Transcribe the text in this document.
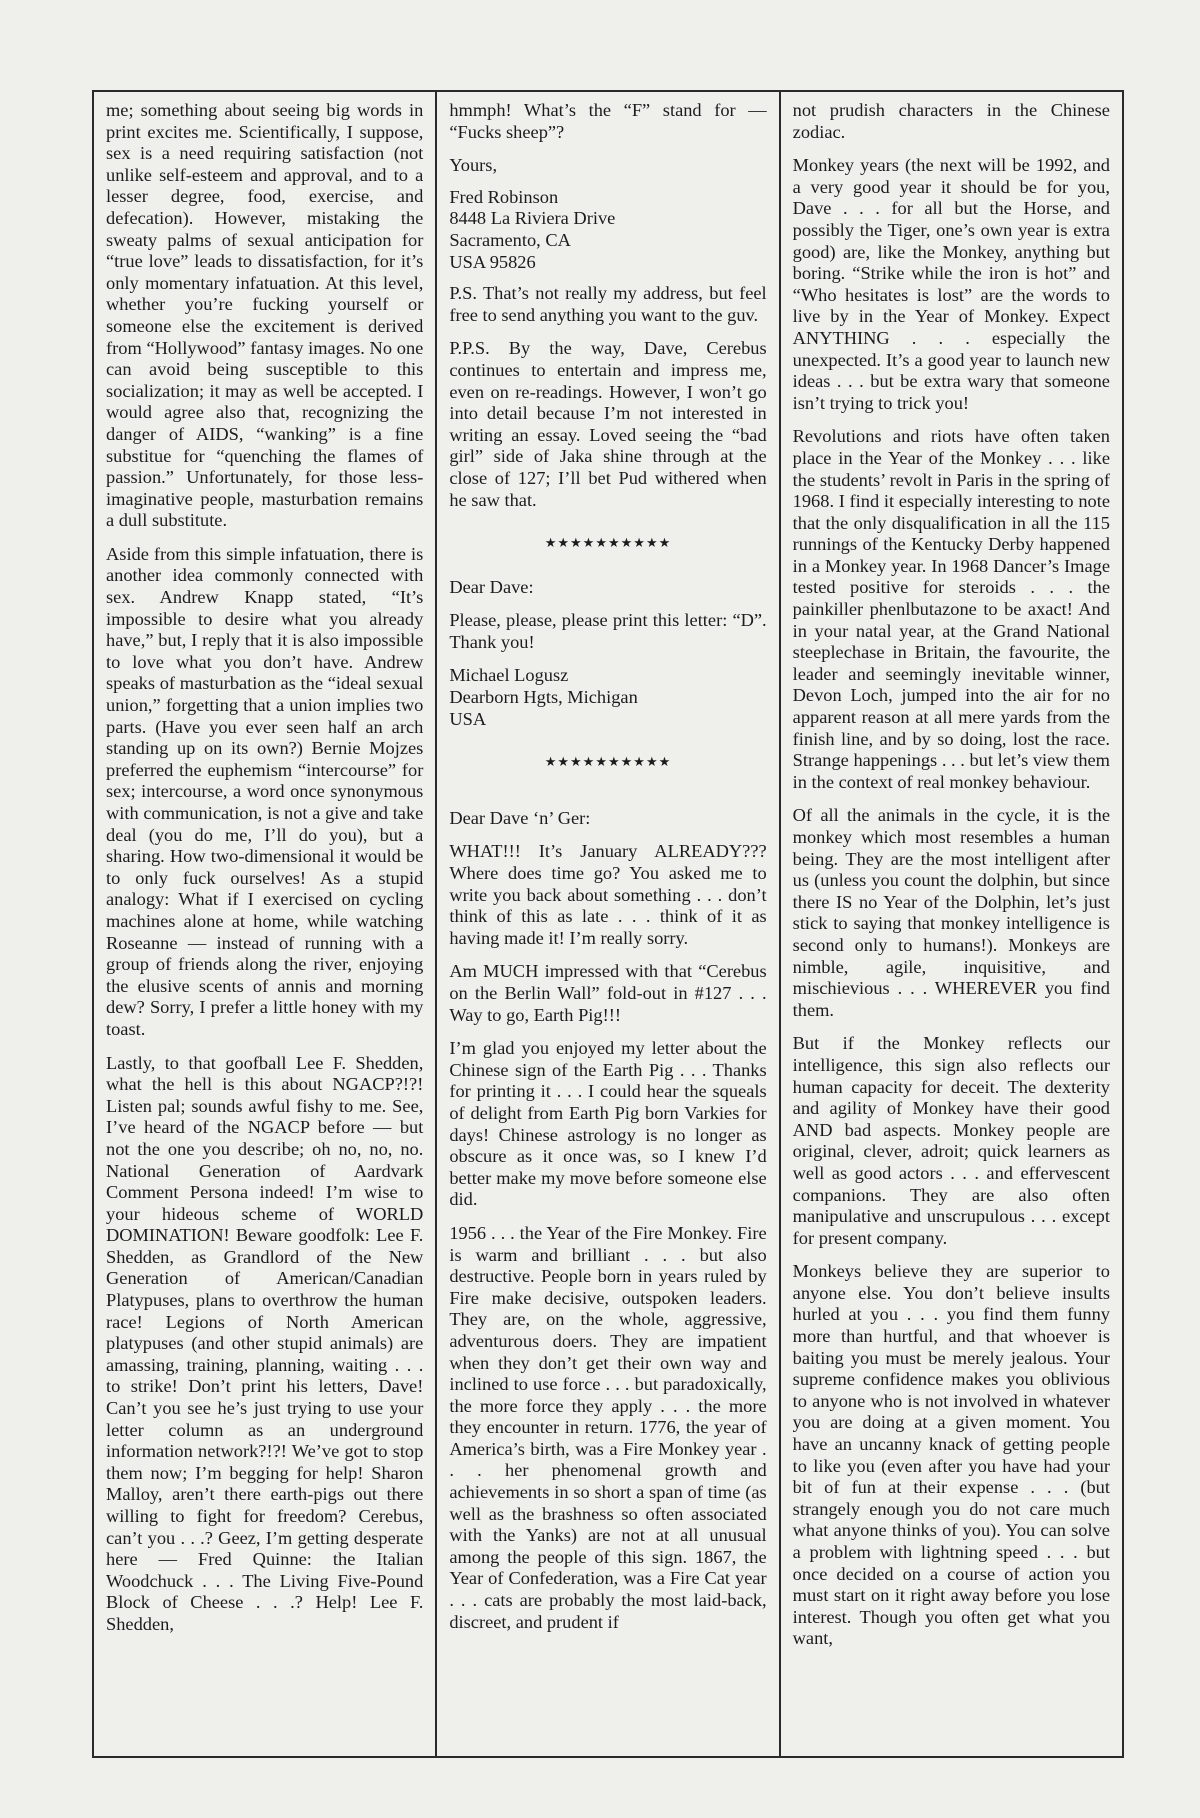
me; something about seeing big words in print excites me. Scientifically, I suppose, sex is a need requiring satisfaction (not unlike self-esteem and approval, and to a lesser degree, food, exercise, and defecation). However, mistaking the sweaty palms of sexual anticipation for “true love” leads to dissatisfaction, for it’s only momentary infatuation. At this level, whether you’re fucking yourself or someone else the excitement is derived from “Hollywood” fantasy images. No one can avoid being susceptible to this socialization; it may as well be accepted. I would agree also that, recognizing the danger of AIDS, “wanking” is a fine substitue for “quenching the flames of passion.” Unfortunately, for those less-imaginative people, masturbation remains a dull substitute.

Aside from this simple infatuation, there is another idea commonly connected with sex. Andrew Knapp stated, “It’s impossible to desire what you already have,” but, I reply that it is also impossible to love what you don’t have. Andrew speaks of masturbation as the “ideal sexual union,” forgetting that a union implies two parts. (Have you ever seen half an arch standing up on its own?) Bernie Mojzes preferred the euphemism “intercourse” for sex; intercourse, a word once synonymous with communication, is not a give and take deal (you do me, I’ll do you), but a sharing. How two-dimensional it would be to only fuck ourselves! As a stupid analogy: What if I exercised on cycling machines alone at home, while watching Roseanne — instead of running with a group of friends along the river, enjoying the elusive scents of annis and morning dew? Sorry, I prefer a little honey with my toast.

Lastly, to that goofball Lee F. Shedden, what the hell is this about NGACP?!?! Listen pal; sounds awful fishy to me. See, I’ve heard of the NGACP before — but not the one you describe; oh no, no, no. National Generation of Aardvark Comment Persona indeed! I’m wise to your hideous scheme of WORLD DOMINATION! Beware goodfolk: Lee F. Shedden, as Grandlord of the New Generation of American/Canadian Platypuses, plans to overthrow the human race! Legions of North American platypuses (and other stupid animals) are amassing, training, planning, waiting . . . to strike! Don’t print his letters, Dave! Can’t you see he’s just trying to use your letter column as an underground information network?!?! We’ve got to stop them now; I’m begging for help! Sharon Malloy, aren’t there earth-pigs out there willing to fight for freedom? Cerebus, can’t you . . .? Geez, I’m getting desperate here — Fred Quinne: the Italian Woodchuck . . . The Living Five-Pound Block of Cheese . . .? Help! Lee F. Shedden,

hmmph! What’s the “F” stand for — “Fucks sheep”?

Yours,

Fred Robinson
8448 La Riviera Drive
Sacramento, CA
USA 95826

P.S. That’s not really my address, but feel free to send anything you want to the guv.

P.P.S. By the way, Dave, Cerebus continues to entertain and impress me, even on re-readings. However, I won’t go into detail because I’m not interested in writing an essay. Loved seeing the “bad girl” side of Jaka shine through at the close of 127; I’ll bet Pud withered when he saw that.

★★★★★★★★★★

Dear Dave:

Please, please, please print this letter: “D”. Thank you!

Michael Logusz
Dearborn Hgts, Michigan
USA

★★★★★★★★★★

Dear Dave ‘n’ Ger:

WHAT!!! It’s January ALREADY??? Where does time go? You asked me to write you back about something . . . don’t think of this as late . . . think of it as having made it! I’m really sorry.

Am MUCH impressed with that “Cerebus on the Berlin Wall” fold-out in #127 . . . Way to go, Earth Pig!!!

I’m glad you enjoyed my letter about the Chinese sign of the Earth Pig . . . Thanks for printing it . . . I could hear the squeals of delight from Earth Pig born Varkies for days! Chinese astrology is no longer as obscure as it once was, so I knew I’d better make my move before someone else did.

1956 . . . the Year of the Fire Monkey. Fire is warm and brilliant . . . but also destructive. People born in years ruled by Fire make decisive, outspoken leaders. They are, on the whole, aggressive, adventurous doers. They are impatient when they don’t get their own way and inclined to use force . . . but paradoxically, the more force they apply . . . the more they encounter in return. 1776, the year of America’s birth, was a Fire Monkey year . . . her phenomenal growth and achievements in so short a span of time (as well as the brashness so often associated with the Yanks) are not at all unusual among the people of this sign. 1867, the Year of Confederation, was a Fire Cat year . . . cats are probably the most laid-back, discreet, and prudent if

not prudish characters in the Chinese zodiac.

Monkey years (the next will be 1992, and a very good year it should be for you, Dave . . . for all but the Horse, and possibly the Tiger, one’s own year is extra good) are, like the Monkey, anything but boring. “Strike while the iron is hot” and “Who hesitates is lost” are the words to live by in the Year of Monkey. Expect ANYTHING . . . especially the unexpected. It’s a good year to launch new ideas . . . but be extra wary that someone isn’t trying to trick you!

Revolutions and riots have often taken place in the Year of the Monkey . . . like the students’ revolt in Paris in the spring of 1968. I find it especially interesting to note that the only disqualification in all the 115 runnings of the Kentucky Derby happened in a Monkey year. In 1968 Dancer’s Image tested positive for steroids . . . the painkiller phenlbutazone to be axact! And in your natal year, at the Grand National steeplechase in Britain, the favourite, the leader and seemingly inevitable winner, Devon Loch, jumped into the air for no apparent reason at all mere yards from the finish line, and by so doing, lost the race. Strange happenings . . . but let’s view them in the context of real monkey behaviour.

Of all the animals in the cycle, it is the monkey which most resembles a human being. They are the most intelligent after us (unless you count the dolphin, but since there IS no Year of the Dolphin, let’s just stick to saying that monkey intelligence is second only to humans!). Monkeys are nimble, agile, inquisitive, and mischievious . . . WHEREVER you find them.

But if the Monkey reflects our intelligence, this sign also reflects our human capacity for deceit. The dexterity and agility of Monkey have their good AND bad aspects. Monkey people are original, clever, adroit; quick learners as well as good actors . . . and effervescent companions. They are also often manipulative and unscrupulous . . . except for present company.

Monkeys believe they are superior to anyone else. You don’t believe insults hurled at you . . . you find them funny more than hurtful, and that whoever is baiting you must be merely jealous. Your supreme confidence makes you oblivious to anyone who is not involved in whatever you are doing at a given moment. You have an uncanny knack of getting people to like you (even after you have had your bit of fun at their expense . . . (but strangely enough you do not care much what anyone thinks of you). You can solve a problem with lightning speed . . . but once decided on a course of action you must start on it right away before you lose interest. Though you often get what you want,
